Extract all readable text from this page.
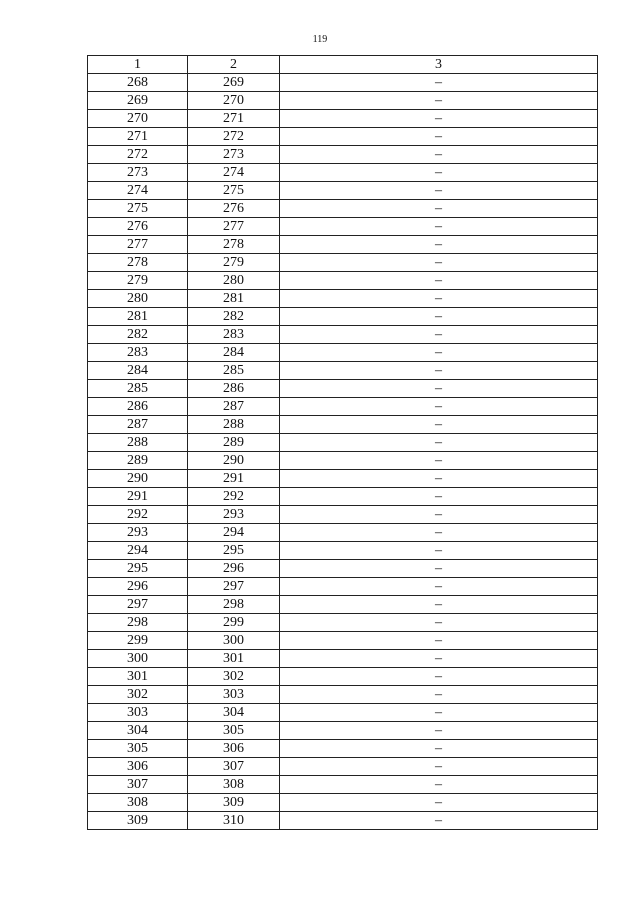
119
1	2	3
268	269	–
269	270	–
270	271	–
271	272	–
272	273	–
273	274	–
274	275	–
275	276	–
276	277	–
277	278	–
278	279	–
279	280	–
280	281	–
281	282	–
282	283	–
283	284	–
284	285	–
285	286	–
286	287	–
287	288	–
288	289	–
289	290	–
290	291	–
291	292	–
292	293	–
293	294	–
294	295	–
295	296	–
296	297	–
297	298	–
298	299	–
299	300	–
300	301	–
301	302	–
302	303	–
303	304	–
304	305	–
305	306	–
306	307	–
307	308	–
308	309	–
309	310	–
